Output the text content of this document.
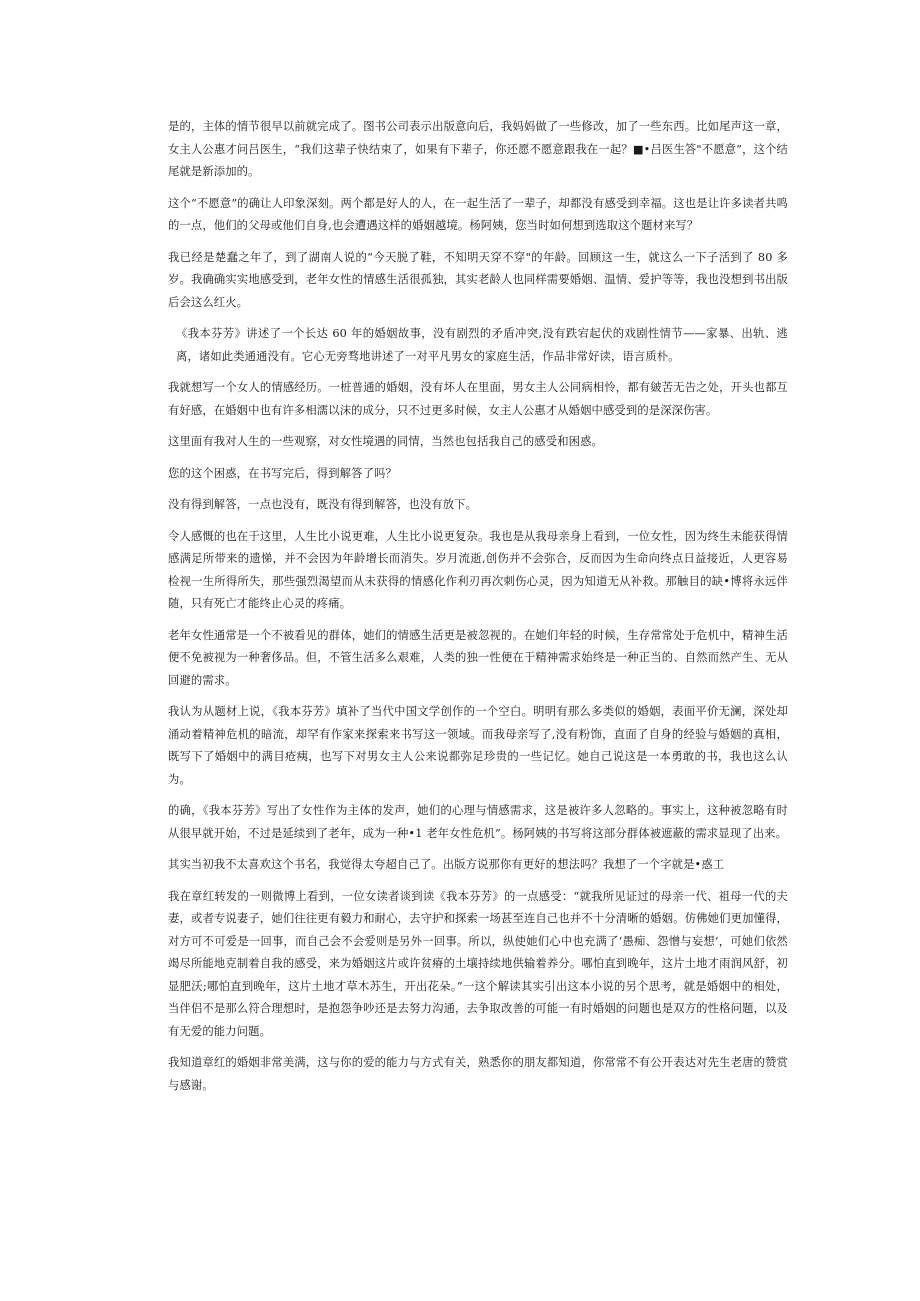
是的，主体的情节很早以前就完成了。图书公司表示出版意向后，我妈妈做了一些修改，加了一些东西。比如尾声这一章，女主人公惠才问吕医生，“我们这辈子快结束了，如果有下辈子，你还愿不愿意跟我在一起？■•吕医生答"不愿意”，这个结尾就是新添加的。

这个“不愿意”的确让人印象深刻。两个都是好人的人，在一起生活了一辈子，却都没有感受到幸福。这也是让许多读者共鸣的一点，他们的父母或他们自身,也会遭遇这样的婚姻越境。杨阿姨，您当时如何想到选取这个题材来写？

我已经是楚蠢之年了，到了湖南人说的“今天脱了鞋，不知明天穿不穿"的年龄。回顾这一生，就这么一下子活到了 80 多岁。我确确实实地感受到，老年女性的情感生活很孤独，其实老龄人也同样需要婚姻、温情、爱护等等，我也没想到书出版后会这么红火。

《我本芬芳》讲述了一个长达 60 年的婚姻故事，没有剧烈的矛盾冲突,没有跌宕起伏的戏剧性情节——家暴、出轨、逃离，诸如此类通通没有。它心无旁骛地讲述了一对平凡男女的家庭生活，作品非常好读，语言质朴。

我就想写一个女人的情感经历。一桩普通的婚姻，没有坏人在里面，男女主人公同病相怜，都有皴苦无告之处，开头也都互有好感，在婚姻中也有许多相濡以沫的成分，只不过更多时候，女主人公惠才从婚姻中感受到的是深深伤害。

这里面有我对人生的一些观察，对女性境遇的同情，当然也包括我自己的感受和困惑。

您的这个困惑，在书写完后，得到解答了吗？

没有得到解答，一点也没有，既没有得到解答，也没有放下。

令人感慨的也在于这里，人生比小说更难，人生比小说更复杂。我也是从我母亲身上看到，一位女性，因为终生未能获得情感满足所带来的遗悌，并不会因为年龄增长而消失。岁月流逝,创伤并不会弥合，反而因为生命向终点日益接近，人更容易检视一生所得所失，那些强烈渴望而从未获得的情感化作利刃再次刺伤心灵，因为知道无从补救。那触目的缺•博将永远伴随，只有死亡才能终止心灵的疼痛。

老年女性通常是一个不被看见的群体，她们的情感生活更是被忽视的。在她们年轻的时候，生存常常处于危机中，精神生活便不免被视为一种奢侈品。但，不管生活多么艰难，人类的独一性便在于精神需求始终是一种正当的、自然而然产生、无从回避的需求。

我认为从题材上说，《我本芬芳》填补了当代中国文学创作的一个空白。明明有那么多类似的婚姻，表面平价无澜，深处却涌动着精神危机的暗流，却罕有作家来探索来书写这一领域。而我母亲写了,没有粉饰，直面了自身的经验与婚姻的真相，既写下了婚姻中的满目疮痍，也写下对男女主人公来说都弥足珍贵的一些记忆。她自己说这是一本勇敢的书，我也这么认为。

的确，《我本芬芳》写出了女性作为主体的发声，她们的心理与情感需求，这是被许多人忽略的。事实上，这种被忽略有时从很早就开始，不过是延续到了老年，成为一种•1 老年女性危机”。杨阿姨的书写将这部分群体被遮蔽的需求显现了出来。

其实当初我不太喜欢这个书名，我觉得太夸超自己了。出版方说那你有更好的想法吗？我想了一个字就是•惑工

我在章红转发的一则微博上看到，一位女读者谈到读《我本芬芳》的一点感受：“就我所见证过的母亲一代、祖母一代的夫妻，或者专说妻子，她们往往更有毅力和耐心，去守护和探索一场甚至连自己也并不十分清晰的婚姻。仿佛她们更加懂得，对方可不可爱是一回事，而自己会不会爱则是另外一回事。所以，纵使她们心中也充满了‘愚痴、怨憎与妄想‘，可她们依然竭尽所能地克制着自我的感受，来为婚姻这片或许贫瘠的土壤持续地供输着养分。哪怕直到晚年，这片土地才雨润风舒，初显肥沃;哪怕直到晚年，这片土地才草木苏生，开出花朵。”一这个解读其实引出这本小说的另个思考，就是婚姻中的相处，当伴侣不是那么符合理想时，是抱怨争吵还是去努力沟通，去争取改善的可能一有时婚姻的问题也是双方的性格问题，以及有无爱的能力问题。

我知道章红的婚姻非常美满，这与你的爱的能力与方式有关，熟悉你的朋友都知道，你常常不有公开表达对先生老唐的赞赏与感谢。
